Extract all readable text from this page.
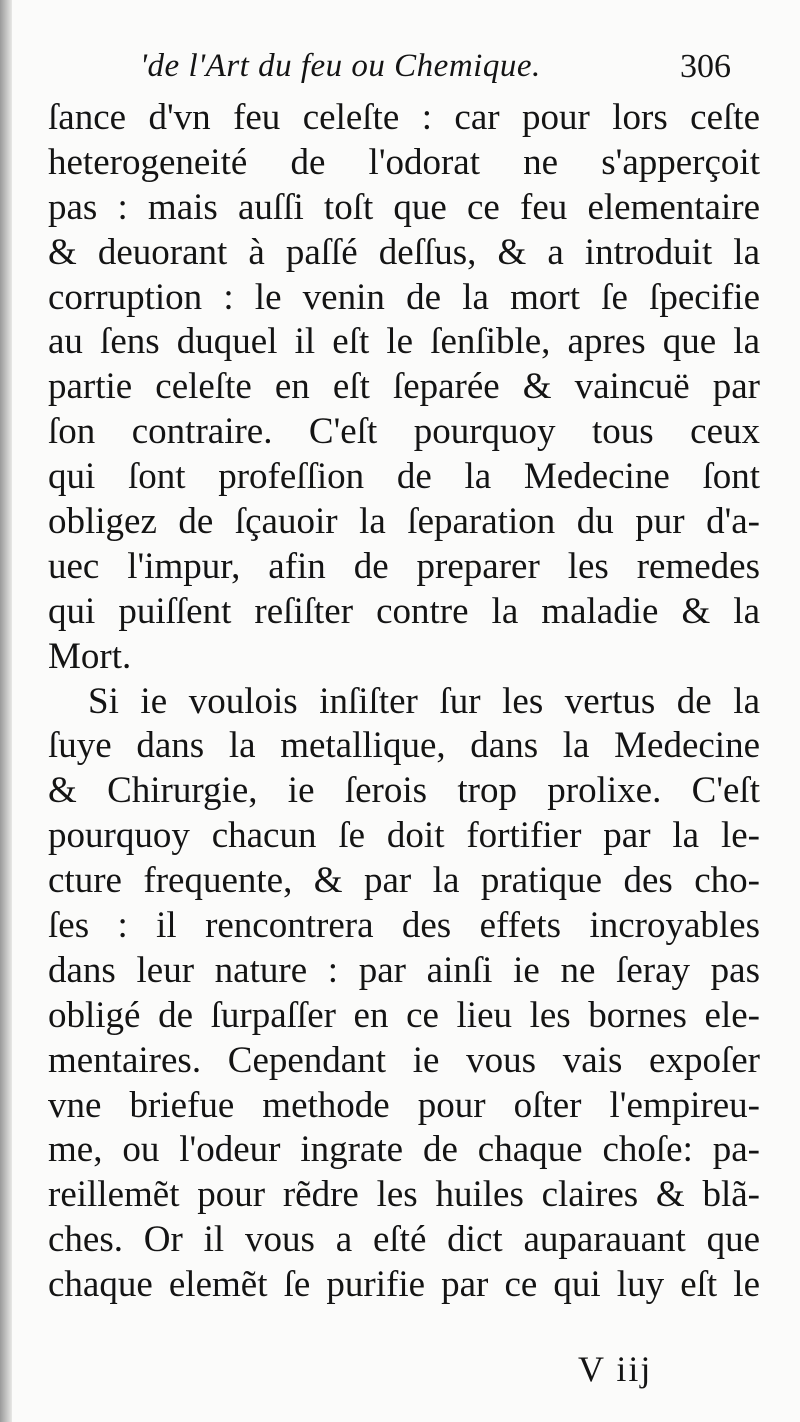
'de l'Art du feu ou Chemique.	306
ſance d'vn feu celeſte : car pour lors ceſte
heterogeneité de l'odorat ne s'apperçoit
pas : mais auſſi toſt que ce feu elementaire
& deuorant à paſſé deſſus, & a introduit la
corruption : le venin de la mort ſe ſpecifie
au ſens duquel il eſt le ſenſible, apres que la
partie celeſte en eſt ſeparée & vaincuë par
ſon contraire. C'eſt pourquoy tous ceux
qui ſont profeſſion de la Medecine ſont
obligez de ſçauoir la ſeparation du pur d'a-
uec l'impur, afin de preparer les remedes
qui puiſſent reſiſter contre la maladie & la
Mort.
Si ie voulois inſiſter ſur les vertus de la
ſuye dans la metallique, dans la Medecine
& Chirurgie, ie ſerois trop prolixe. C'eſt
pourquoy chacun ſe doit fortifier par la le-
cture frequente, & par la pratique des cho-
ſes : il rencontrera des effets incroyables
dans leur nature : par ainſi ie ne ſeray pas
obligé de ſurpaſſer en ce lieu les bornes ele-
mentaires. Cependant ie vous vais expoſer
vne briefue methode pour oſter l'empireu-
me, ou l'odeur ingrate de chaque choſe: pa-
reillemẽt pour rẽdre les huiles claires & blã-
ches. Or il vous a eſté dict auparauant que
chaque elemẽt ſe purifie par ce qui luy eſt le
V iij
